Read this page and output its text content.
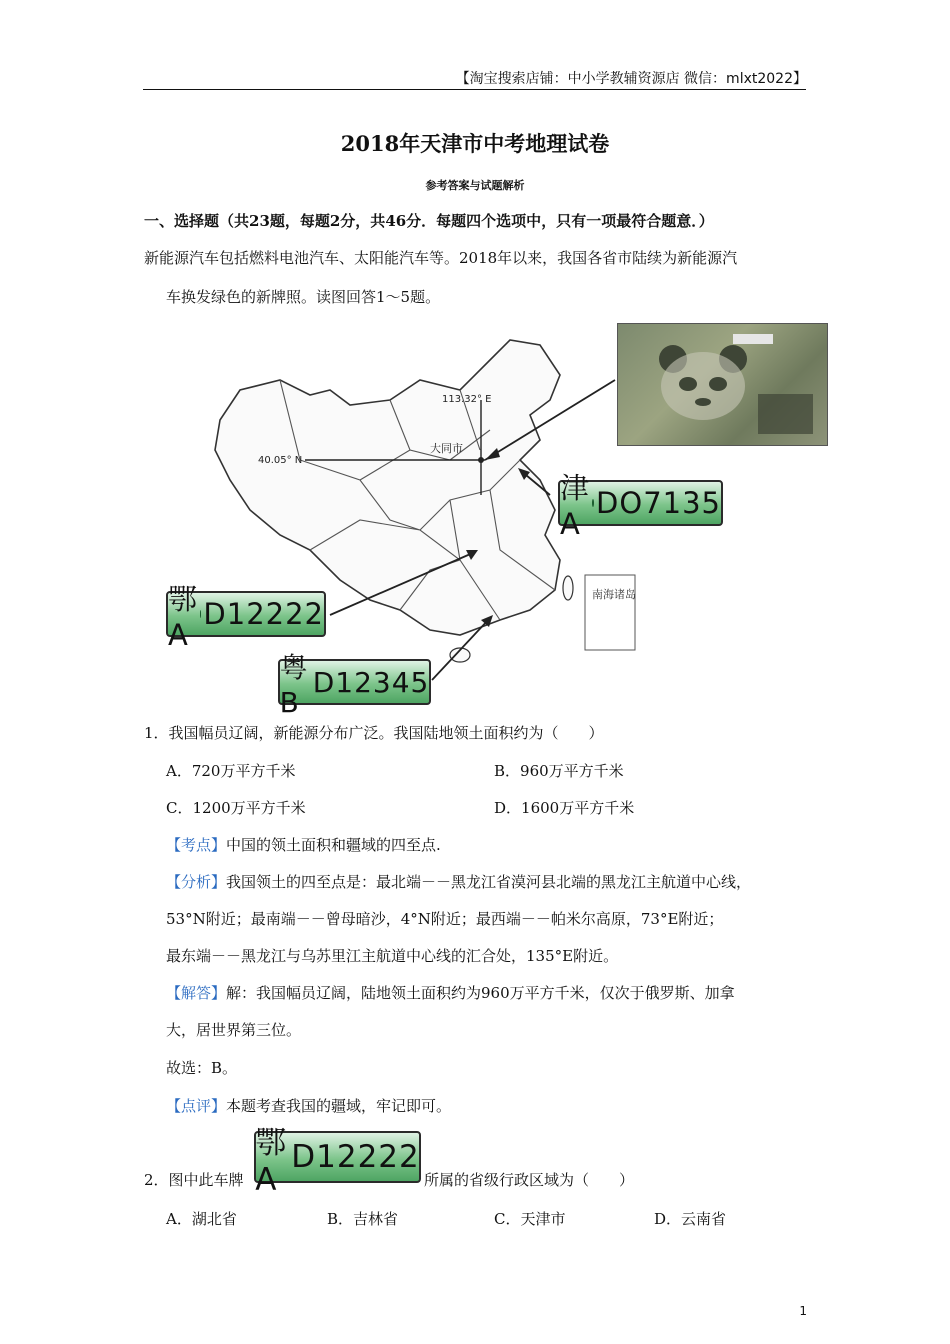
【淘宝搜索店铺：中小学教辅资源店 微信：mlxt2022】
2018年天津市中考地理试卷
参考答案与试题解析
一、选择题（共23题，每题2分，共46分．每题四个选项中，只有一项最符合题意．）
新能源汽车包括燃料电池汽车、太阳能汽车等。2018年以来，我国各省市陆续为新能源汽
车换发绿色的新牌照。读图回答1～5题。
南海诸岛
113.32° E
40.05° N
大同市
津A
DO7135
鄂A
D12222
粤B
D12345
1．我国幅员辽阔，新能源分布广泛。我国陆地领土面积约为（　　）
A．720万平方千米	B．960万平方千米
C．1200万平方千米	D．1600万平方千米
【考点】中国的领土面积和疆域的四至点.
【分析】我国领土的四至点是：最北端－－黑龙江省漠河县北端的黑龙江主航道中心线，
53°N附近；最南端－－曾母暗沙，4°N附近；最西端－－帕米尔高原，73°E附近；
最东端－－黑龙江与乌苏里江主航道中心线的汇合处，135°E附近。
【解答】解：我国幅员辽阔，陆地领土面积约为960万平方千米，仅次于俄罗斯、加拿
大，居世界第三位。
故选：B。
【点评】本题考查我国的疆域，牢记即可。
2．图中此车牌
鄂A
D12222
所属的省级行政区域为（　　）
A．湖北省	B．吉林省	C．天津市	D．云南省
1
